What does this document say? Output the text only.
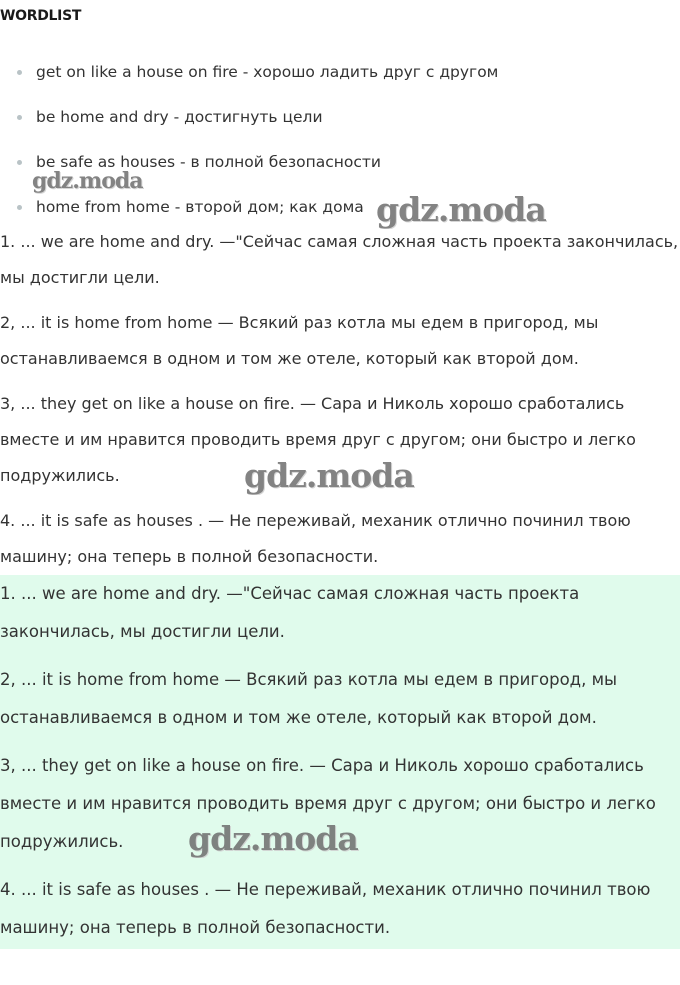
WORDLIST
get on like a house on fire - хорошо ладить друг с другом
be home and dry - достигнуть цели
be safe as houses - в полной безопасности
home from home - второй дом; как дома

1. ... we are home and dry. —"Сейчас самая сложная часть проекта закончилась, мы достигли цели.

2, ... it is home from home — Всякий раз котла мы едем в пригород, мы останавливаемся в одном и том же отеле, который как второй дом.

3, ... they get on like a house on fire. — Сара и Николь хорошо сработались вместе и им нравится проводить время друг с другом; они быстро и легко подружились.

4. ... it is safe as houses . — Не переживай, механик отлично починил твою машину; она теперь в полной безопасности.

1. ... we are home and dry. —"Сейчас самая сложная часть проекта закончилась, мы достигли цели.

2, ... it is home from home — Всякий раз котла мы едем в пригород, мы останавливаемся в одном и том же отеле, который как второй дом.

3, ... they get on like a house on fire. — Сара и Николь хорошо сработались вместе и им нравится проводить время друг с другом; они быстро и легко подружились.

4. ... it is safe as houses . — Не переживай, механик отлично починил твою машину; она теперь в полной безопасности.

gdz.moda
gdz.moda
gdz.moda
gdz.moda
